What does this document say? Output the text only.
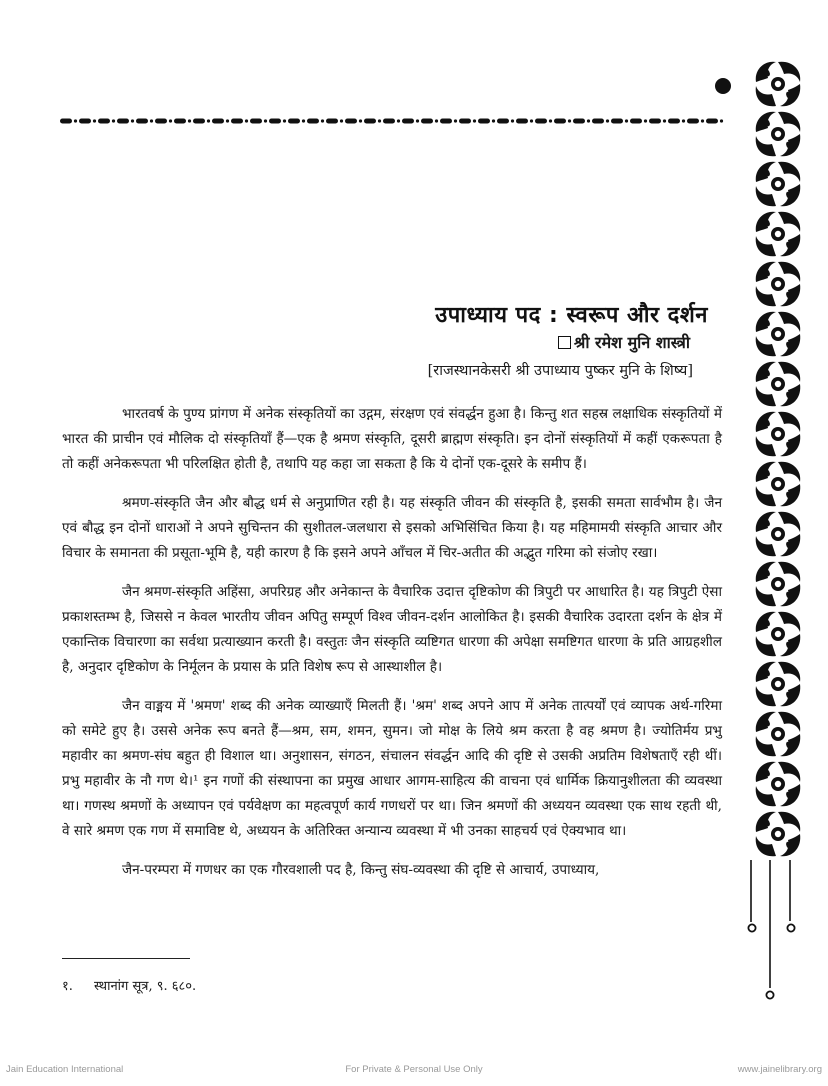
उपाध्याय पद : स्वरूप और दर्शन
श्री रमेश मुनि शास्त्री
[राजस्थानकेसरी श्री उपाध्याय पुष्कर मुनि के शिष्य]

भारतवर्ष के पुण्य प्रांगण में अनेक संस्कृतियों का उद्गम, संरक्षण एवं संवर्द्धन हुआ है। किन्तु शत सहस्र लक्षाधिक संस्कृतियों में भारत की प्राचीन एवं मौलिक दो संस्कृतियाँ हैं—एक है श्रमण संस्कृति, दूसरी ब्राह्मण संस्कृति। इन दोनों संस्कृतियों में कहीं एकरूपता है तो कहीं अनेकरूपता भी परिलक्षित होती है, तथापि यह कहा जा सकता है कि ये दोनों एक-दूसरे के समीप हैं।

श्रमण-संस्कृति जैन और बौद्ध धर्म से अनुप्राणित रही है। यह संस्कृति जीवन की संस्कृति है, इसकी समता सार्वभौम है। जैन एवं बौद्ध इन दोनों धाराओं ने अपने सुचिन्तन की सुशीतल-जलधारा से इसको अभिसिंचित किया है। यह महिमामयी संस्कृति आचार और विचार के समानता की प्रसूता-भूमि है, यही कारण है कि इसने अपने आँचल में चिर-अतीत की अद्भुत गरिमा को संजोए रखा।

जैन श्रमण-संस्कृति अहिंसा, अपरिग्रह और अनेकान्त के वैचारिक उदात्त दृष्टिकोण की त्रिपुटी पर आधारित है। यह त्रिपुटी ऐसा प्रकाशस्तम्भ है, जिससे न केवल भारतीय जीवन अपितु सम्पूर्ण विश्व जीवन-दर्शन आलोकित है। इसकी वैचारिक उदारता दर्शन के क्षेत्र में एकान्तिक विचारणा का सर्वथा प्रत्याख्यान करती है। वस्तुतः जैन संस्कृति व्यष्टिगत धारणा की अपेक्षा समष्टिगत धारणा के प्रति आग्रहशील है, अनुदार दृष्टिकोण के निर्मूलन के प्रयास के प्रति विशेष रूप से आस्थाशील है।

जैन वाङ्मय में 'श्रमण' शब्द की अनेक व्याख्याएँ मिलती हैं। 'श्रम' शब्द अपने आप में अनेक तात्पर्यों एवं व्यापक अर्थ-गरिमा को समेटे हुए है। उससे अनेक रूप बनते हैं—श्रम, सम, शमन, सुमन। जो मोक्ष के लिये श्रम करता है वह श्रमण है। ज्योतिर्मय प्रभु महावीर का श्रमण-संघ बहुत ही विशाल था। अनुशासन, संगठन, संचालन संवर्द्धन आदि की दृष्टि से उसकी अप्रतिम विशेषताएँ रही थीं। प्रभु महावीर के नौ गण थे।¹ इन गणों की संस्थापना का प्रमुख आधार आगम-साहित्य की वाचना एवं धार्मिक क्रियानुशीलता की व्यवस्था था। गणस्थ श्रमणों के अध्यापन एवं पर्यवेक्षण का महत्वपूर्ण कार्य गणधरों पर था। जिन श्रमणों की अध्ययन व्यवस्था एक साथ रहती थी, वे सारे श्रमण एक गण में समाविष्ट थे, अध्ययन के अतिरिक्त अन्यान्य व्यवस्था में भी उनका साहचर्य एवं ऐक्यभाव था।

जैन-परम्परा में गणधर का एक गौरवशाली पद है, किन्तु संघ-व्यवस्था की दृष्टि से आचार्य, उपाध्याय,

१. स्थानांग सूत्र, ९. ६८०.
Jain Education International	For Private & Personal Use Only	www.jainelibrary.org
